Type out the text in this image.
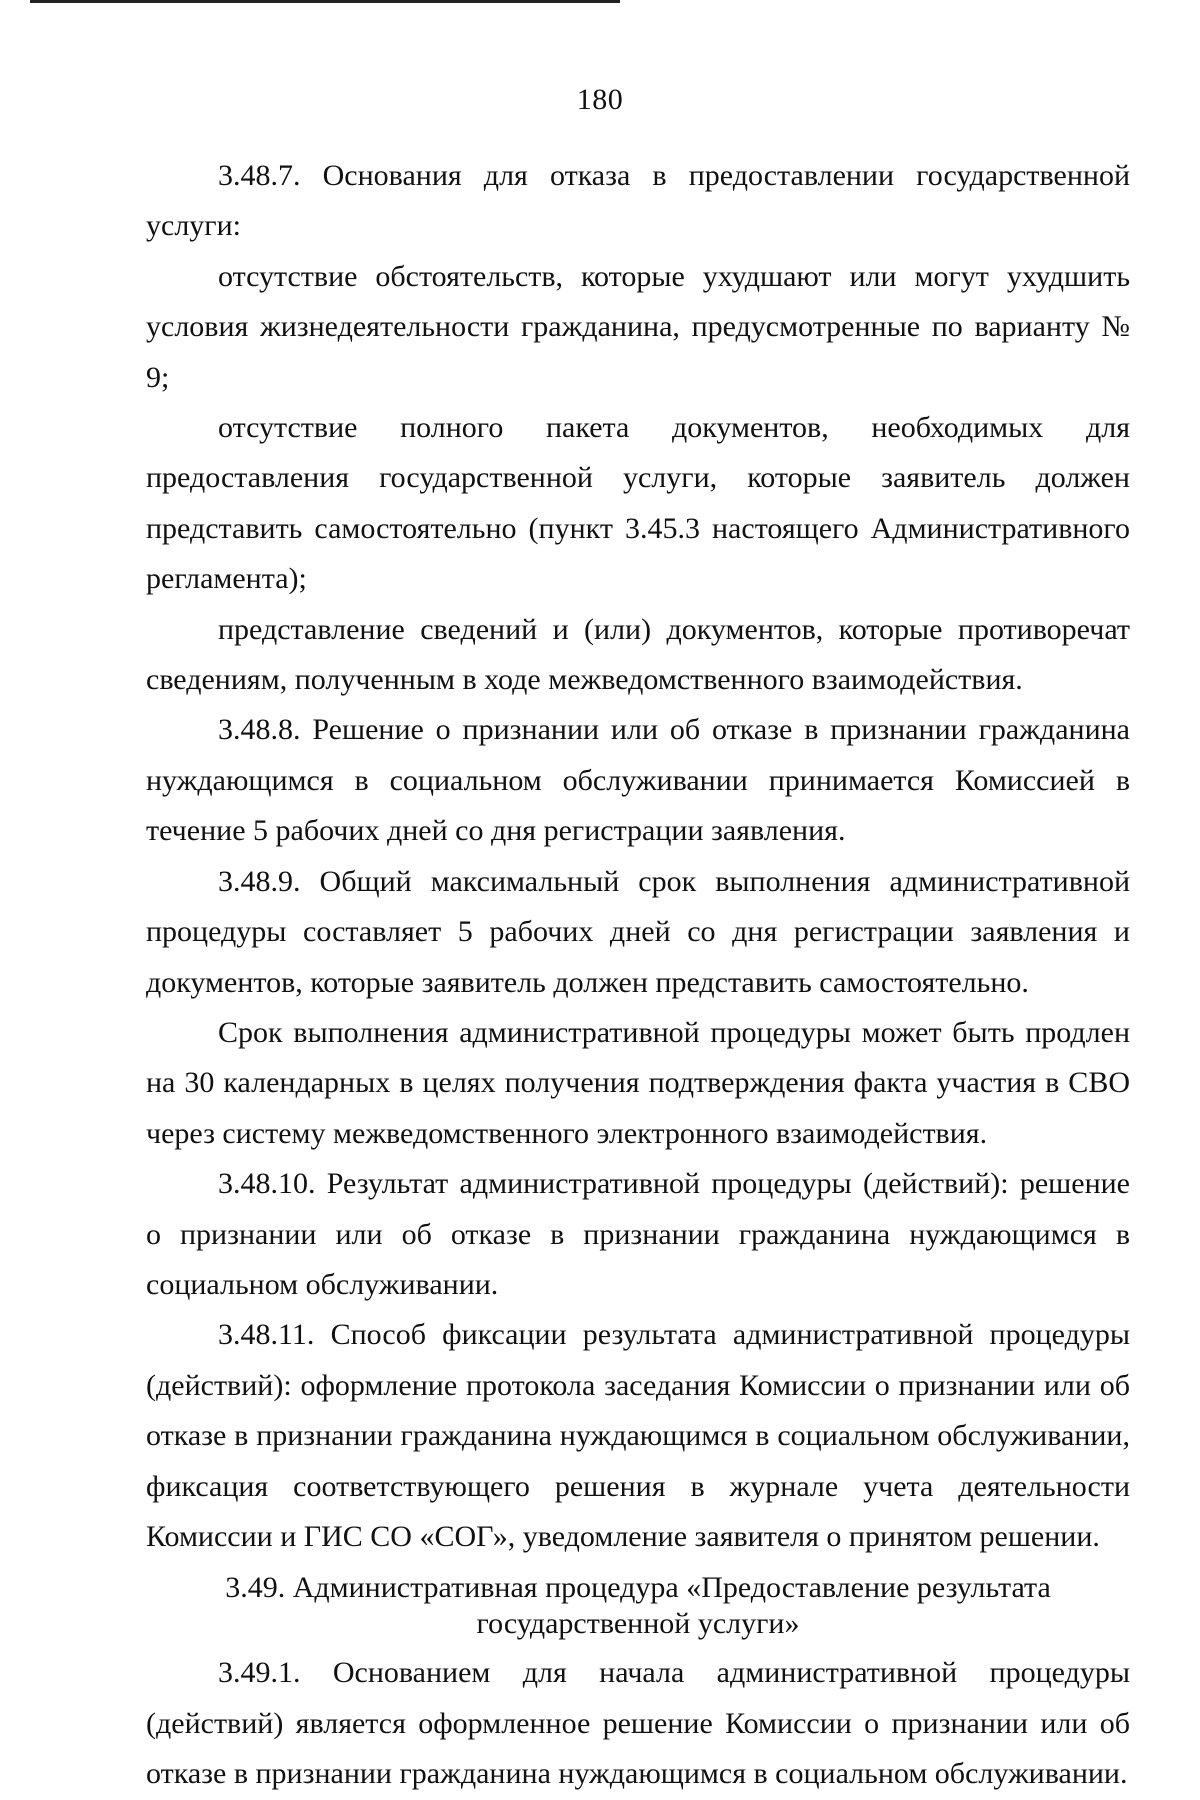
180

3.48.7. Основания для отказа в предоставлении государственной услуги:

отсутствие обстоятельств, которые ухудшают или могут ухудшить условия жизнедеятельности гражданина, предусмотренные по варианту № 9;

отсутствие полного пакета документов, необходимых для предоставления государственной услуги, которые заявитель должен представить самостоятельно (пункт 3.45.3 настоящего Административного регламента);

представление сведений и (или) документов, которые противоречат сведениям, полученным в ходе межведомственного взаимодействия.

3.48.8. Решение о признании или об отказе в признании гражданина нуждающимся в социальном обслуживании принимается Комиссией в течение 5 рабочих дней со дня регистрации заявления.

3.48.9. Общий максимальный срок выполнения административной процедуры составляет 5 рабочих дней со дня регистрации заявления и документов, которые заявитель должен представить самостоятельно.

Срок выполнения административной процедуры может быть продлен на 30 календарных в целях получения подтверждения факта участия в СВО через систему межведомственного электронного взаимодействия.

3.48.10. Результат административной процедуры (действий): решение о признании или об отказе в признании гражданина нуждающимся в социальном обслуживании.

3.48.11. Способ фиксации результата административной процедуры (действий): оформление протокола заседания Комиссии о признании или об отказе в признании гражданина нуждающимся в социальном обслуживании, фиксация соответствующего решения в журнале учета деятельности Комиссии и ГИС СО «СОГ», уведомление заявителя о принятом решении.

3.49. Административная процедура «Предоставление результата
государственной услуги»

3.49.1. Основанием для начала административной процедуры (действий) является оформленное решение Комиссии о признании или об отказе в признании гражданина нуждающимся в социальном обслуживании.
